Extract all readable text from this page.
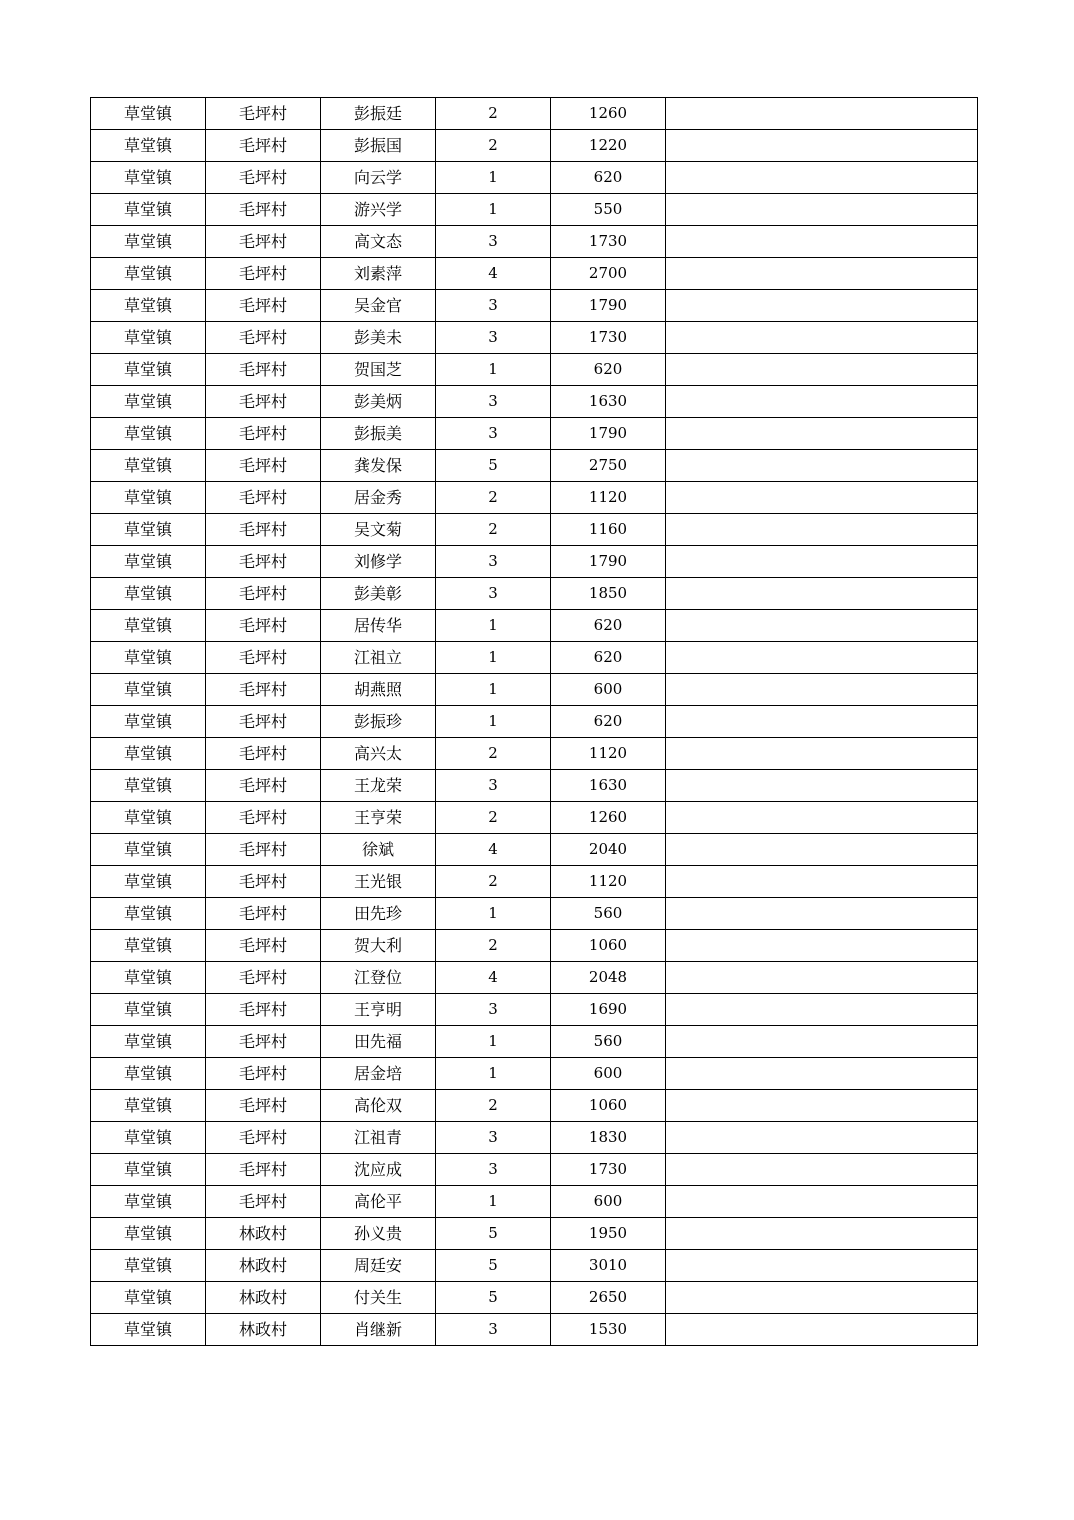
草堂镇	毛坪村	彭振廷	2	1260	
草堂镇	毛坪村	彭振国	2	1220	
草堂镇	毛坪村	向云学	1	620	
草堂镇	毛坪村	游兴学	1	550	
草堂镇	毛坪村	高文态	3	1730	
草堂镇	毛坪村	刘素萍	4	2700	
草堂镇	毛坪村	吴金官	3	1790	
草堂镇	毛坪村	彭美未	3	1730	
草堂镇	毛坪村	贺国芝	1	620	
草堂镇	毛坪村	彭美炳	3	1630	
草堂镇	毛坪村	彭振美	3	1790	
草堂镇	毛坪村	龚发保	5	2750	
草堂镇	毛坪村	居金秀	2	1120	
草堂镇	毛坪村	吴文菊	2	1160	
草堂镇	毛坪村	刘修学	3	1790	
草堂镇	毛坪村	彭美彰	3	1850	
草堂镇	毛坪村	居传华	1	620	
草堂镇	毛坪村	江祖立	1	620	
草堂镇	毛坪村	胡燕照	1	600	
草堂镇	毛坪村	彭振珍	1	620	
草堂镇	毛坪村	高兴太	2	1120	
草堂镇	毛坪村	王龙荣	3	1630	
草堂镇	毛坪村	王亨荣	2	1260	
草堂镇	毛坪村	徐斌	4	2040	
草堂镇	毛坪村	王光银	2	1120	
草堂镇	毛坪村	田先珍	1	560	
草堂镇	毛坪村	贺大利	2	1060	
草堂镇	毛坪村	江登位	4	2048	
草堂镇	毛坪村	王亨明	3	1690	
草堂镇	毛坪村	田先福	1	560	
草堂镇	毛坪村	居金培	1	600	
草堂镇	毛坪村	高伦双	2	1060	
草堂镇	毛坪村	江祖青	3	1830	
草堂镇	毛坪村	沈应成	3	1730	
草堂镇	毛坪村	高伦平	1	600	
草堂镇	林政村	孙义贵	5	1950	
草堂镇	林政村	周廷安	5	3010	
草堂镇	林政村	付关生	5	2650	
草堂镇	林政村	肖继新	3	1530	
